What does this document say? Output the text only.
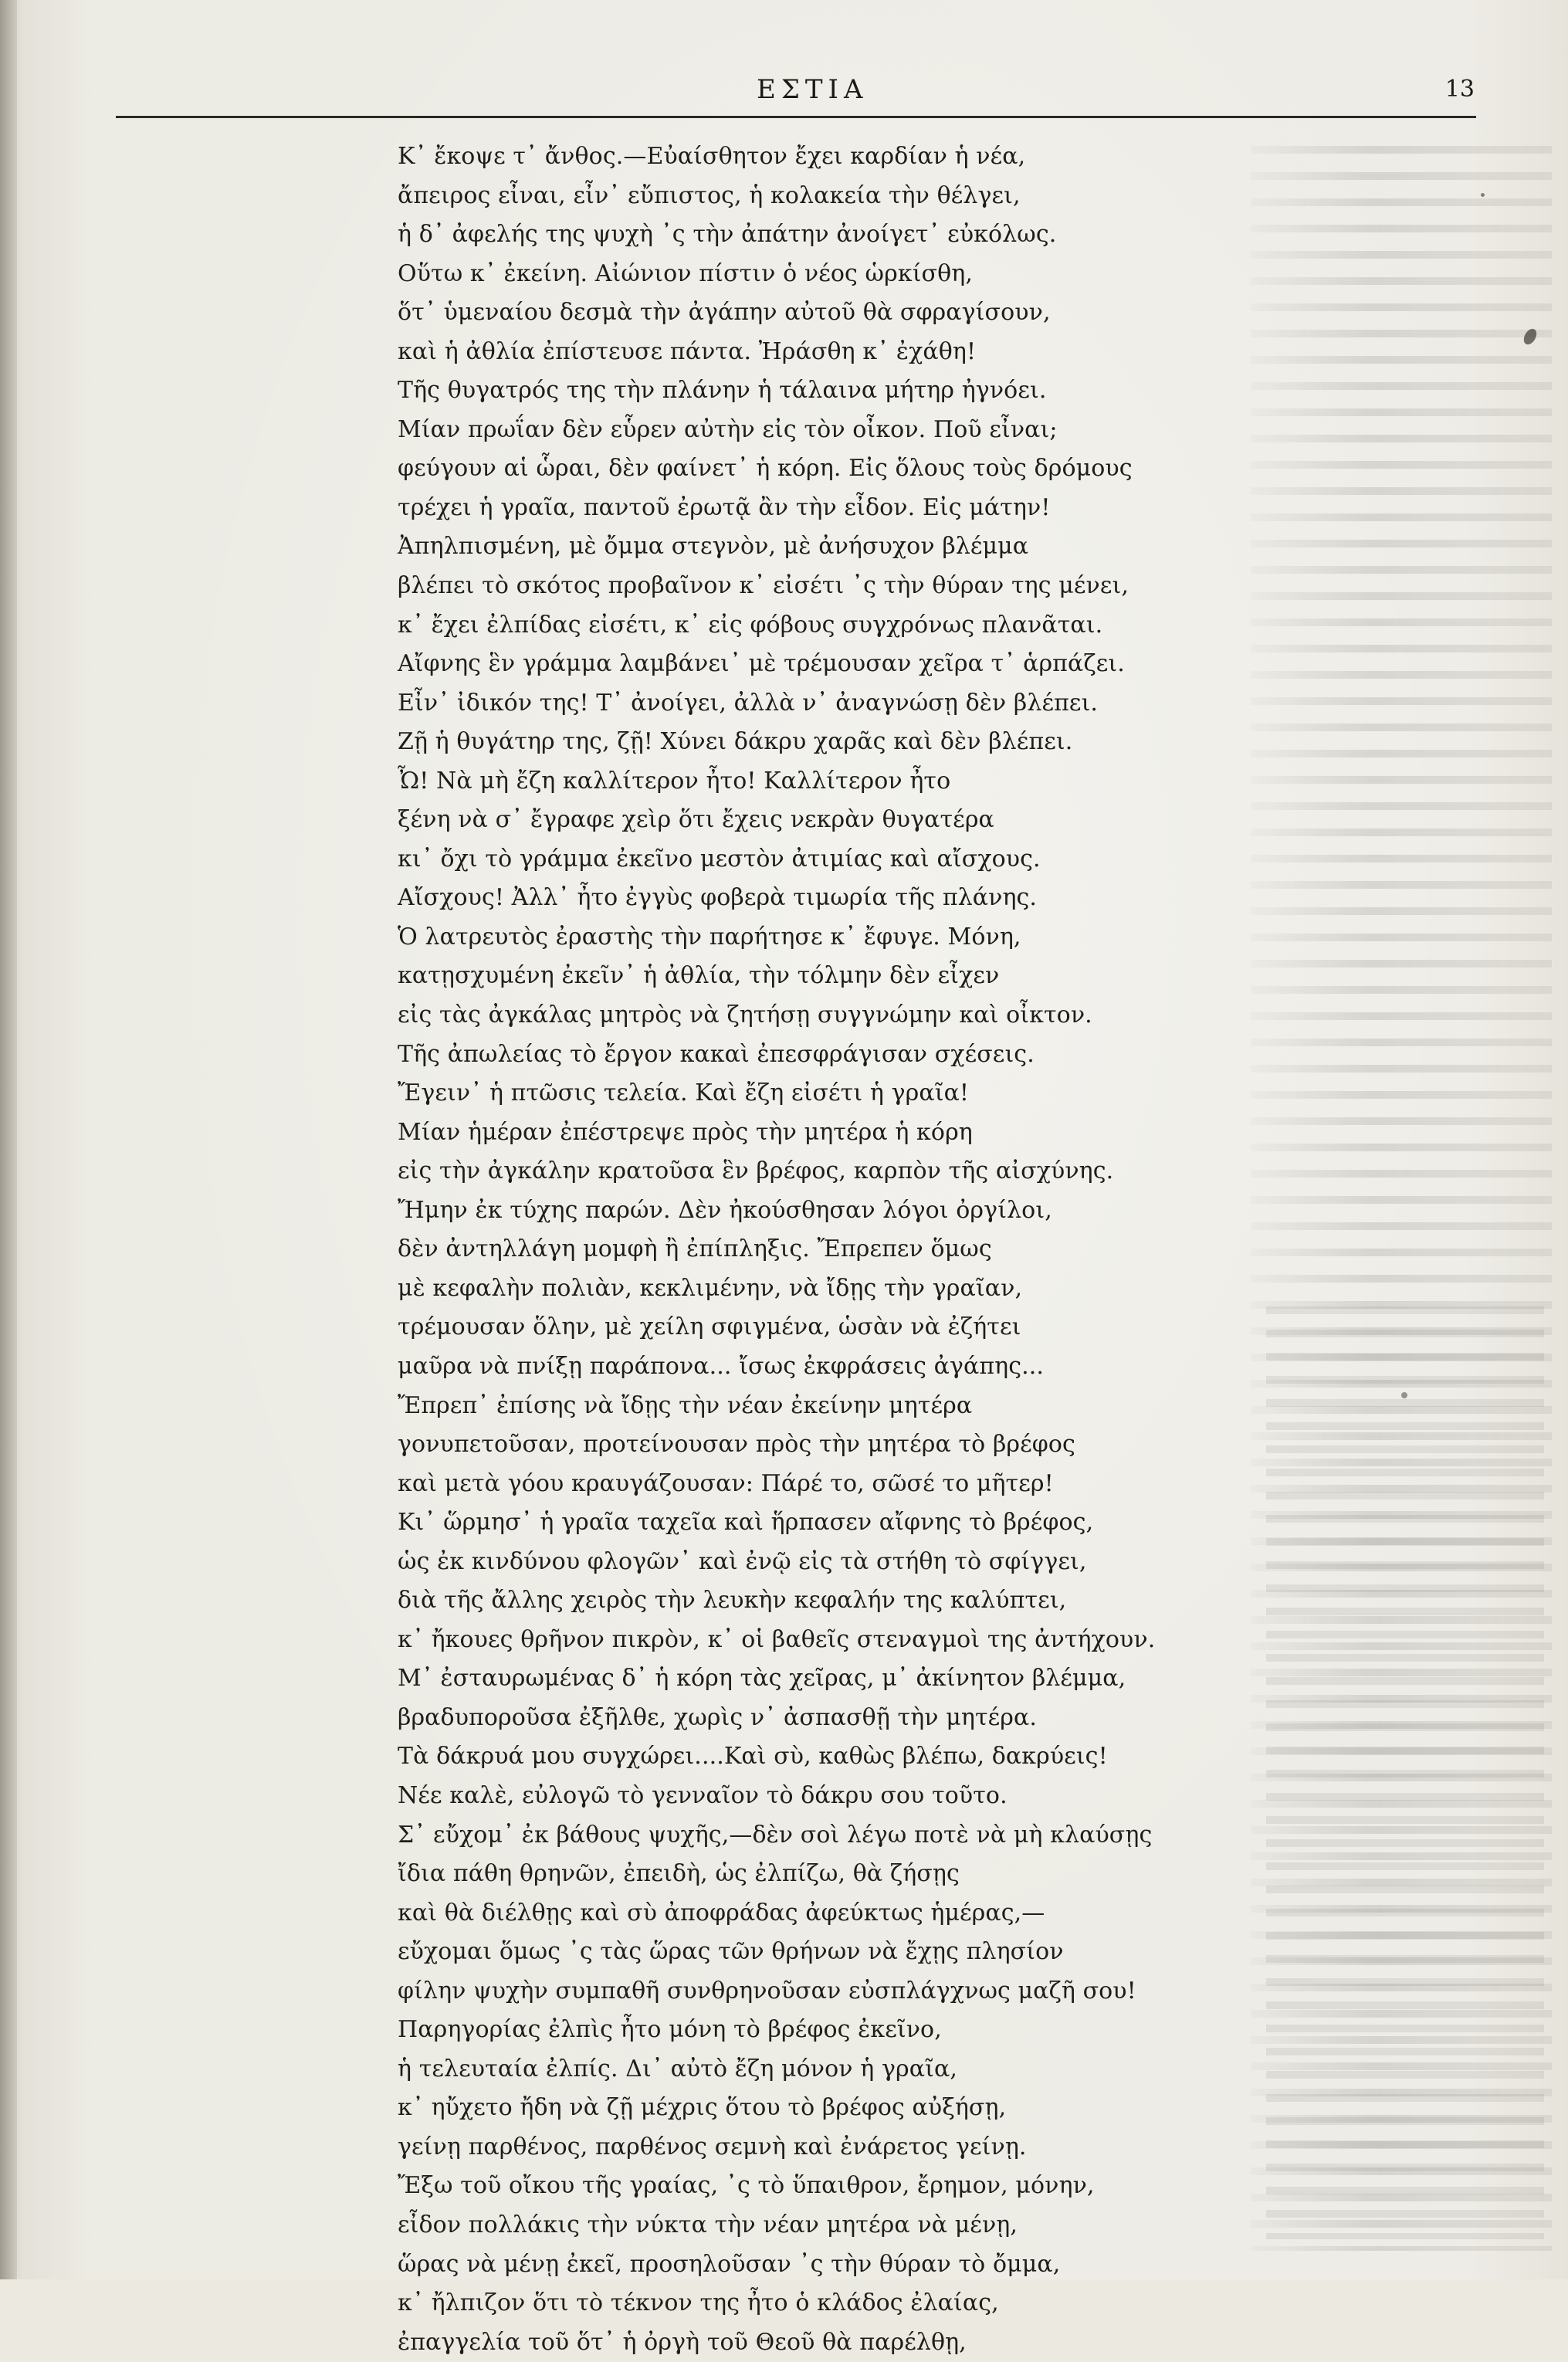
ΕΣΤΙΑ	13
Κ᾽ ἔκοψε τ᾽ ἄνθος.—Εὐαίσθητον ἔχει καρδίαν ἡ νέα,
ἄπειρος εἶναι, εἶν᾽ εὔπιστος, ἡ κολακεία τὴν θέλγει,
ἡ δ᾽ ἀφελής της ψυχὴ ᾽ς τὴν ἀπάτην ἀνοίγετ᾽ εὐκόλως.
Οὕτω κ᾽ ἐκείνη. Αἰώνιον πίστιν ὁ νέος ὡρκίσθη,
ὅτ᾽ ὑμεναίου δεσμὰ τὴν ἀγάπην αὐτοῦ θὰ σφραγίσουν,
καὶ ἡ ἀθλία ἐπίστευσε πάντα. Ἠράσθη κ᾽ ἐχάθη!
Τῆς θυγατρός της τὴν πλάνην ἡ τάλαινα μήτηρ ἠγνόει.
Μίαν πρωΐαν δὲν εὗρεν αὐτὴν εἰς τὸν οἶκον. Ποῦ εἶναι;
φεύγουν αἱ ὧραι, δὲν φαίνετ᾽ ἡ κόρη. Εἰς ὅλους τοὺς δρόμους
τρέχει ἡ γραῖα, παντοῦ ἐρωτᾷ ἂν τὴν εἶδον. Εἰς μάτην!
Ἀπηλπισμένη, μὲ ὄμμα στεγνὸν, μὲ ἀνήσυχον βλέμμα
βλέπει τὸ σκότος προβαῖνον κ᾽ εἰσέτι ᾽ς τὴν θύραν της μένει,
κ᾽ ἔχει ἐλπίδας εἰσέτι, κ᾽ εἰς φόβους συγχρόνως πλανᾶται.
Αἴφνης ἓν γράμμα λαμβάνει᾽ μὲ τρέμουσαν χεῖρα τ᾽ ἁρπάζει.
Εἶν᾽ ἰδικόν της! Τ᾽ ἀνοίγει, ἀλλὰ ν᾽ ἀναγνώσῃ δὲν βλέπει.
Ζῇ ἡ θυγάτηρ της, ζῇ! Χύνει δάκρυ χαρᾶς καὶ δὲν βλέπει.
Ὦ! Νὰ μὴ ἔζη καλλίτερον ἦτο! Καλλίτερον ἦτο
ξένη νὰ σ᾽ ἔγραφε χεὶρ ὅτι ἔχεις νεκρὰν θυγατέρα
κι᾽ ὄχι τὸ γράμμα ἐκεῖνο μεστὸν ἀτιμίας καὶ αἴσχους.
Αἴσχους! Ἀλλ᾽ ἦτο ἐγγὺς φοβερὰ τιμωρία τῆς πλάνης.
Ὁ λατρευτὸς ἐραστὴς τὴν παρήτησε κ᾽ ἔφυγε. Μόνη,
κατῃσχυμένη ἐκεῖν᾽ ἡ ἀθλία, τὴν τόλμην δὲν εἶχεν
εἰς τὰς ἀγκάλας μητρὸς νὰ ζητήσῃ συγγνώμην καὶ οἶκτον.
Τῆς ἀπωλείας τὸ ἔργον κακαὶ ἐπεσφράγισαν σχέσεις.
Ἔγειν᾽ ἡ πτῶσις τελεία. Καὶ ἔζη εἰσέτι ἡ γραῖα!
Μίαν ἡμέραν ἐπέστρεψε πρὸς τὴν μητέρα ἡ κόρη
εἰς τὴν ἀγκάλην κρατοῦσα ἓν βρέφος, καρπὸν τῆς αἰσχύνης.
Ἤμην ἐκ τύχης παρών. Δὲν ἠκούσθησαν λόγοι ὀργίλοι,
δὲν ἀντηλλάγη μομφὴ ἢ ἐπίπληξις. Ἔπρεπεν ὅμως
μὲ κεφαλὴν πολιὰν, κεκλιμένην, νὰ ἴδῃς τὴν γραῖαν,
τρέμουσαν ὅλην, μὲ χείλη σφιγμένα, ὡσὰν νὰ ἐζήτει
μαῦρα νὰ πνίξῃ παράπονα... ἴσως ἐκφράσεις ἀγάπης...
Ἔπρεπ᾽ ἐπίσης νὰ ἴδῃς τὴν νέαν ἐκείνην μητέρα
γονυπετοῦσαν, προτείνουσαν πρὸς τὴν μητέρα τὸ βρέφος
καὶ μετὰ γόου κραυγάζουσαν: Πάρέ το, σῶσέ το μῆτερ!
Κι᾽ ὥρμησ᾽ ἡ γραῖα ταχεῖα καὶ ἥρπασεν αἴφνης τὸ βρέφος,
ὡς ἐκ κινδύνου φλογῶν᾽ καὶ ἐνῷ εἰς τὰ στήθη τὸ σφίγγει,
διὰ τῆς ἄλλης χειρὸς τὴν λευκὴν κεφαλήν της καλύπτει,
κ᾽ ἤκουες θρῆνον πικρὸν, κ᾽ οἱ βαθεῖς στεναγμοὶ της ἀντήχουν.
Μ᾽ ἐσταυρωμένας δ᾽ ἡ κόρη τὰς χεῖρας, μ᾽ ἀκίνητον βλέμμα,
βραδυποροῦσα ἐξῆλθε, χωρὶς ν᾽ ἀσπασθῇ τὴν μητέρα.
Τὰ δάκρυά μου συγχώρει....Καὶ σὺ, καθὼς βλέπω, δακρύεις!
Νέε καλὲ, εὐλογῶ τὸ γενναῖον τὸ δάκρυ σου τοῦτο.
Σ᾽ εὔχομ᾽ ἐκ βάθους ψυχῆς,—δὲν σοὶ λέγω ποτὲ νὰ μὴ κλαύσῃς
ἴδια πάθη θρηνῶν, ἐπειδὴ, ὡς ἐλπίζω, θὰ ζήσῃς
καὶ θὰ διέλθῃς καὶ σὺ ἀποφράδας ἀφεύκτως ἡμέρας,—
εὔχομαι ὅμως ᾽ς τὰς ὥρας τῶν θρήνων νὰ ἔχῃς πλησίον
φίλην ψυχὴν συμπαθῆ συνθρηνοῦσαν εὐσπλάγχνως μαζῆ σου!
Παρηγορίας ἐλπὶς ἦτο μόνη τὸ βρέφος ἐκεῖνο,
ἡ τελευταία ἐλπίς. Δι᾽ αὐτὸ ἔζη μόνον ἡ γραῖα,
κ᾽ ηὔχετο ἤδη νὰ ζῇ μέχρις ὅτου τὸ βρέφος αὐξήσῃ,
γείνῃ παρθένος, παρθένος σεμνὴ καὶ ἐνάρετος γείνῃ.
Ἔξω τοῦ οἴκου τῆς γραίας, ᾽ς τὸ ὕπαιθρον, ἔρημον, μόνην,
εἶδον πολλάκις τὴν νύκτα τὴν νέαν μητέρα νὰ μένῃ,
ὥρας νὰ μένῃ ἐκεῖ, προσηλοῦσαν ᾽ς τὴν θύραν τὸ ὄμμα,
κ᾽ ἤλπιζον ὅτι τὸ τέκνον της ἦτο ὁ κλάδος ἐλαίας,
ἐπαγγελία τοῦ ὅτ᾽ ἡ ὀργὴ τοῦ Θεοῦ θὰ παρέλθῃ,
